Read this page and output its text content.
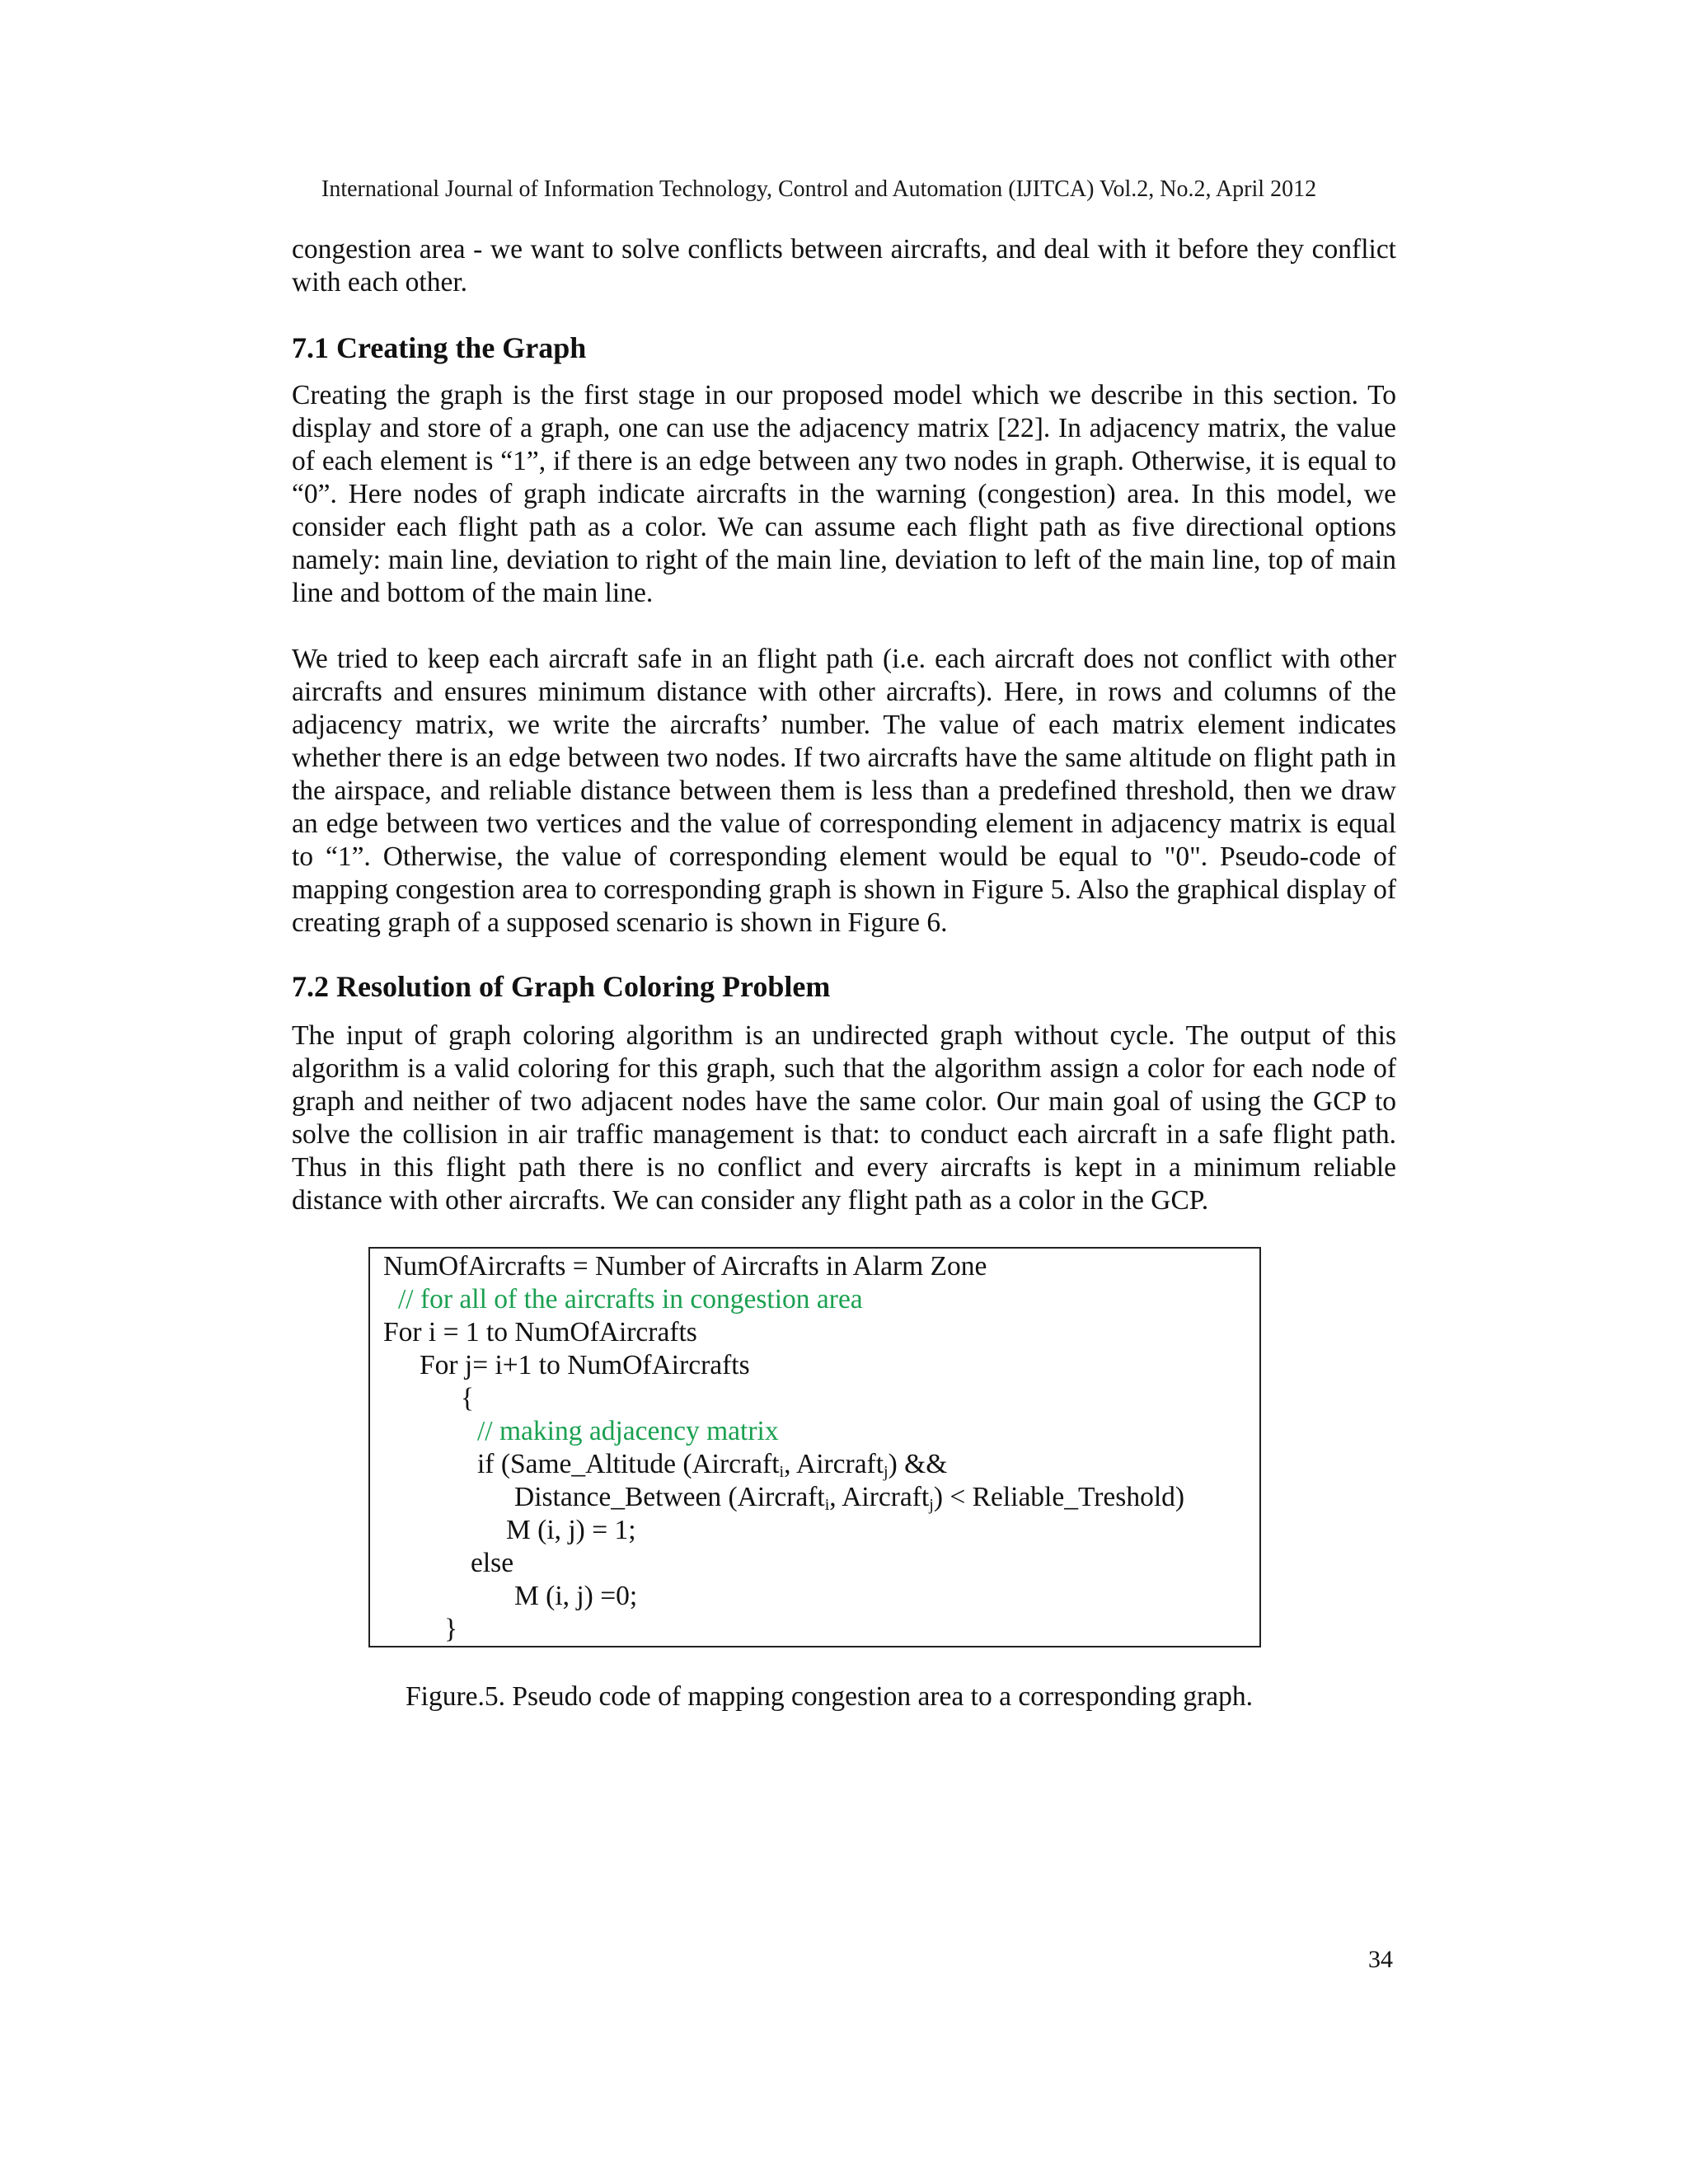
International Journal of Information Technology, Control and Automation (IJITCA) Vol.2, No.2, April 2012

congestion area - we want to solve conflicts between aircrafts, and deal with it before they conflict with each other.

7.1 Creating the Graph

Creating the graph is the first stage in our proposed model which we describe in this section. To display and store of a graph, one can use the adjacency matrix [22]. In adjacency matrix, the value of each element is “1”, if there is an edge between any two nodes in graph. Otherwise, it is equal to “0”. Here nodes of graph indicate aircrafts in the warning (congestion) area. In this model, we consider each flight path as a color. We can assume each flight path as five directional options namely: main line, deviation to right of the main line, deviation to left of the main line, top of main line and bottom of the main line.

We tried to keep each aircraft safe in an flight path (i.e. each aircraft does not conflict with other aircrafts and ensures minimum distance with other aircrafts). Here, in rows and columns of the adjacency matrix, we write the aircrafts’ number. The value of each matrix element indicates whether there is an edge between two nodes. If two aircrafts have the same altitude on flight path in the airspace, and reliable distance between them is less than a predefined threshold, then we draw an edge between two vertices and the value of corresponding element in adjacency matrix is equal to “1”. Otherwise, the value of corresponding element would be equal to "0". Pseudo-code of mapping congestion area to corresponding graph is shown in Figure 5. Also the graphical display of creating graph of a supposed scenario is shown in Figure 6.

7.2 Resolution of Graph Coloring Problem

The input of graph coloring algorithm is an undirected graph without cycle. The output of this algorithm is a valid coloring for this graph, such that the algorithm assign a color for each node of graph and neither of two adjacent nodes have the same color. Our main goal of using the GCP to solve the collision in air traffic management is that: to conduct each aircraft in a safe flight path. Thus in this flight path there is no conflict and every aircrafts is kept in a minimum reliable distance with other aircrafts. We can consider any flight path as a color in the GCP.

NumOfAircrafts = Number of Aircrafts in Alarm Zone
// for all of the aircrafts in congestion area
For i = 1 to NumOfAircrafts
For j= i+1 to NumOfAircrafts
{
// making adjacency matrix
if (Same_Altitude (Aircraft$_i$, Aircraft$_j$) &&
Distance_Between (Aircraft$_i$, Aircraft$_j$) < Reliable_Treshold)
M (i, j) = 1;
else
M (i, j) =0;
}
Figure.5. Pseudo code of mapping congestion area to a corresponding graph.
34
